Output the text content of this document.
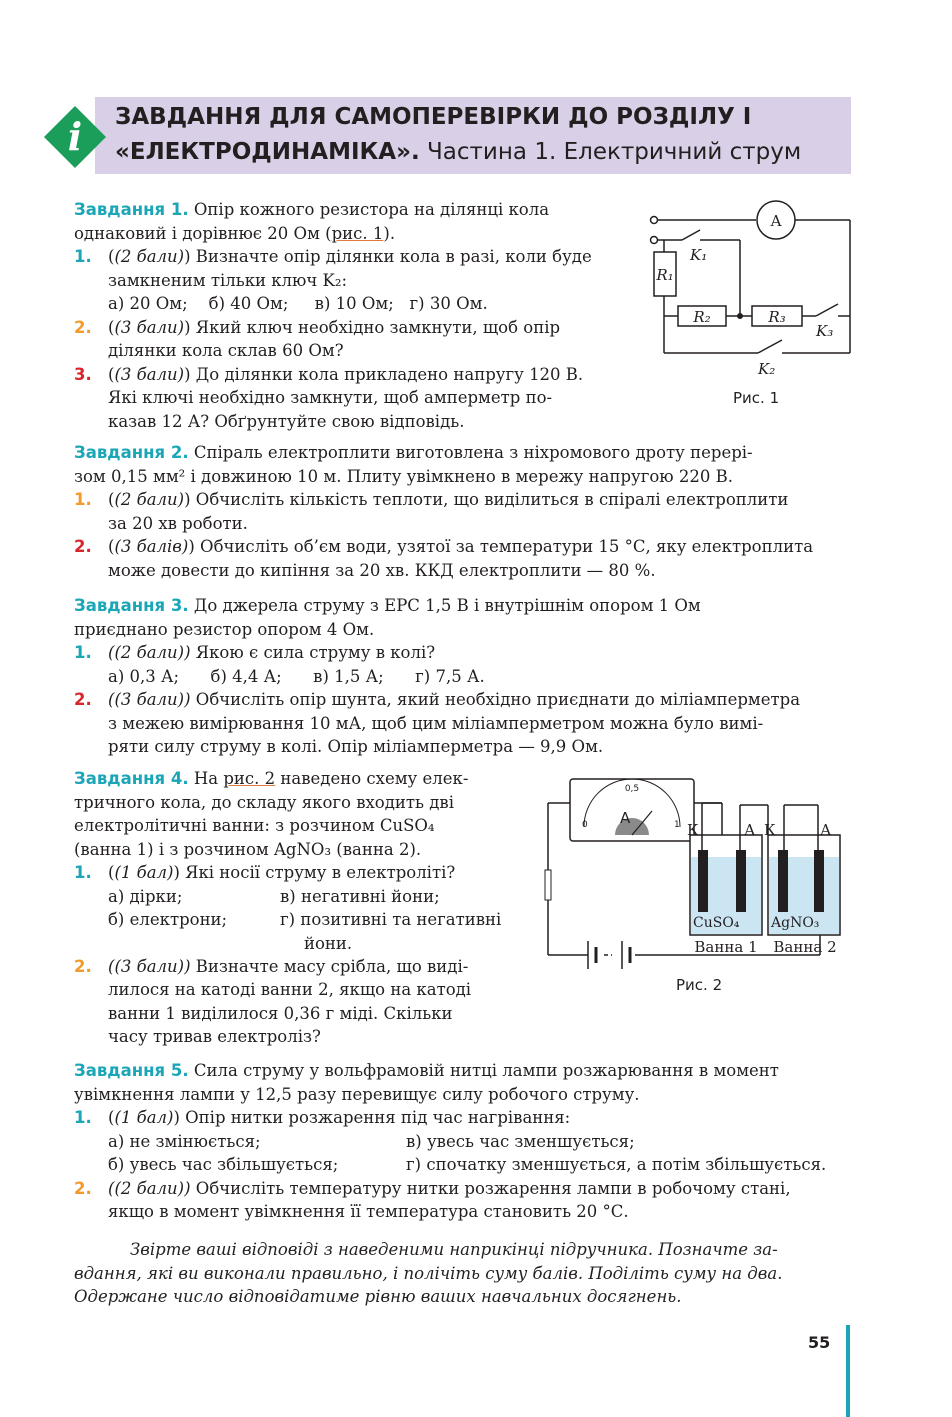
i ЗАВДАННЯ ДЛЯ САМОПЕРЕВІРКИ ДО РОЗДІЛУ І
«ЕЛЕКТРОДИНАМІКА». Частина 1. Електричний струм
Завдання 1. Опір кожного резистора на ділянці кола
однаковий і дорівнює 20 Ом (рис. 1).
1. ((2 бали)) Визначте опір ділянки кола в разі, коли буде
замкненим тільки ключ K₂:
а) 20 Ом;    б) 40 Ом;     в) 10 Ом;   г) 30 Ом.
2. ((3 бали)) Який ключ необхідно замкнути, щоб опір
ділянки кола склав 60 Ом?
3. ((3 бали)) До ділянки кола прикладено напругу 120 В.
Які ключі необхідно замкнути, щоб амперметр по-
казав 12 А? Обґрунтуйте свою відповідь.
A
R₁
R₂	R₃
K₁
K₃
K₂
Рис. 1
Завдання 2. Спіраль електроплити виготовлена з ніхромового дроту перері-
зом 0,15 мм² і довжиною 10 м. Плиту увімкнено в мережу напругою 220 В.
1. ((2 бали)) Обчисліть кількість теплоти, що виділиться в спіралі електроплити
за 20 хв роботи.
2. ((3 балів)) Обчисліть об’єм води, узятої за температури 15 °С, яку електроплита
може довести до кипіння за 20 хв. ККД електроплити — 80 %.
Завдання 3. До джерела струму з ЕРС 1,5 В і внутрішнім опором 1 Ом
приєднано резистор опором 4 Ом.
1. ((2 бали)) Якою є сила струму в колі?
а) 0,3 А;      б) 4,4 А;      в) 1,5 А;      г) 7,5 А.
2. ((3 бали)) Обчисліть опір шунта, який необхідно приєднати до міліамперметра
з межею вимірювання 10 мА, щоб цим міліамперметром можна було вимі-
ряти силу струму в колі. Опір міліамперметра — 9,9 Ом.
Завдання 4. На рис. 2 наведено схему елек-
тричного кола, до складу якого входить дві
електролітичні ванни: з розчином CuSO₄
(ванна 1) і з розчином AgNO₃ (ванна 2).
1. ((1 бал)) Які носії струму в електроліті?
а) дірки;
б) електрони;
в) негативні йони;
г) позитивні та негативні
йони.
2. ((3 бали)) Визначте масу срібла, що виді-
лилося на катоді ванни 2, якщо на катоді
ванни 1 виділилося 0,36 г міді. Скільки
часу тривав електроліз?
0,5
0	1
A
К	А К	А
CuSO₄ AgNO₃
Ванна 1 Ванна 2
Рис. 2
Завдання 5. Сила струму у вольфрамовій нитці лампи розжарювання в момент
увімкнення лампи у 12,5 разу перевищує силу робочого струму.
1. ((1 бал)) Опір нитки розжарення під час нагрівання:
а) не змінюється;
б) увесь час збільшується;
в) увесь час зменшується;
г) спочатку зменшується, а потім збільшується.
2. ((2 бали)) Обчисліть температуру нитки розжарення лампи в робочому стані,
якщо в момент увімкнення її температура становить 20 °С.
Звірте ваші відповіді з наведеними наприкінці підручника. Позначте за-
вдання, які ви виконали правильно, і полічіть суму балів. Поділіть суму на два.
Одержане число відповідатиме рівню ваших навчальних досягнень.
55
